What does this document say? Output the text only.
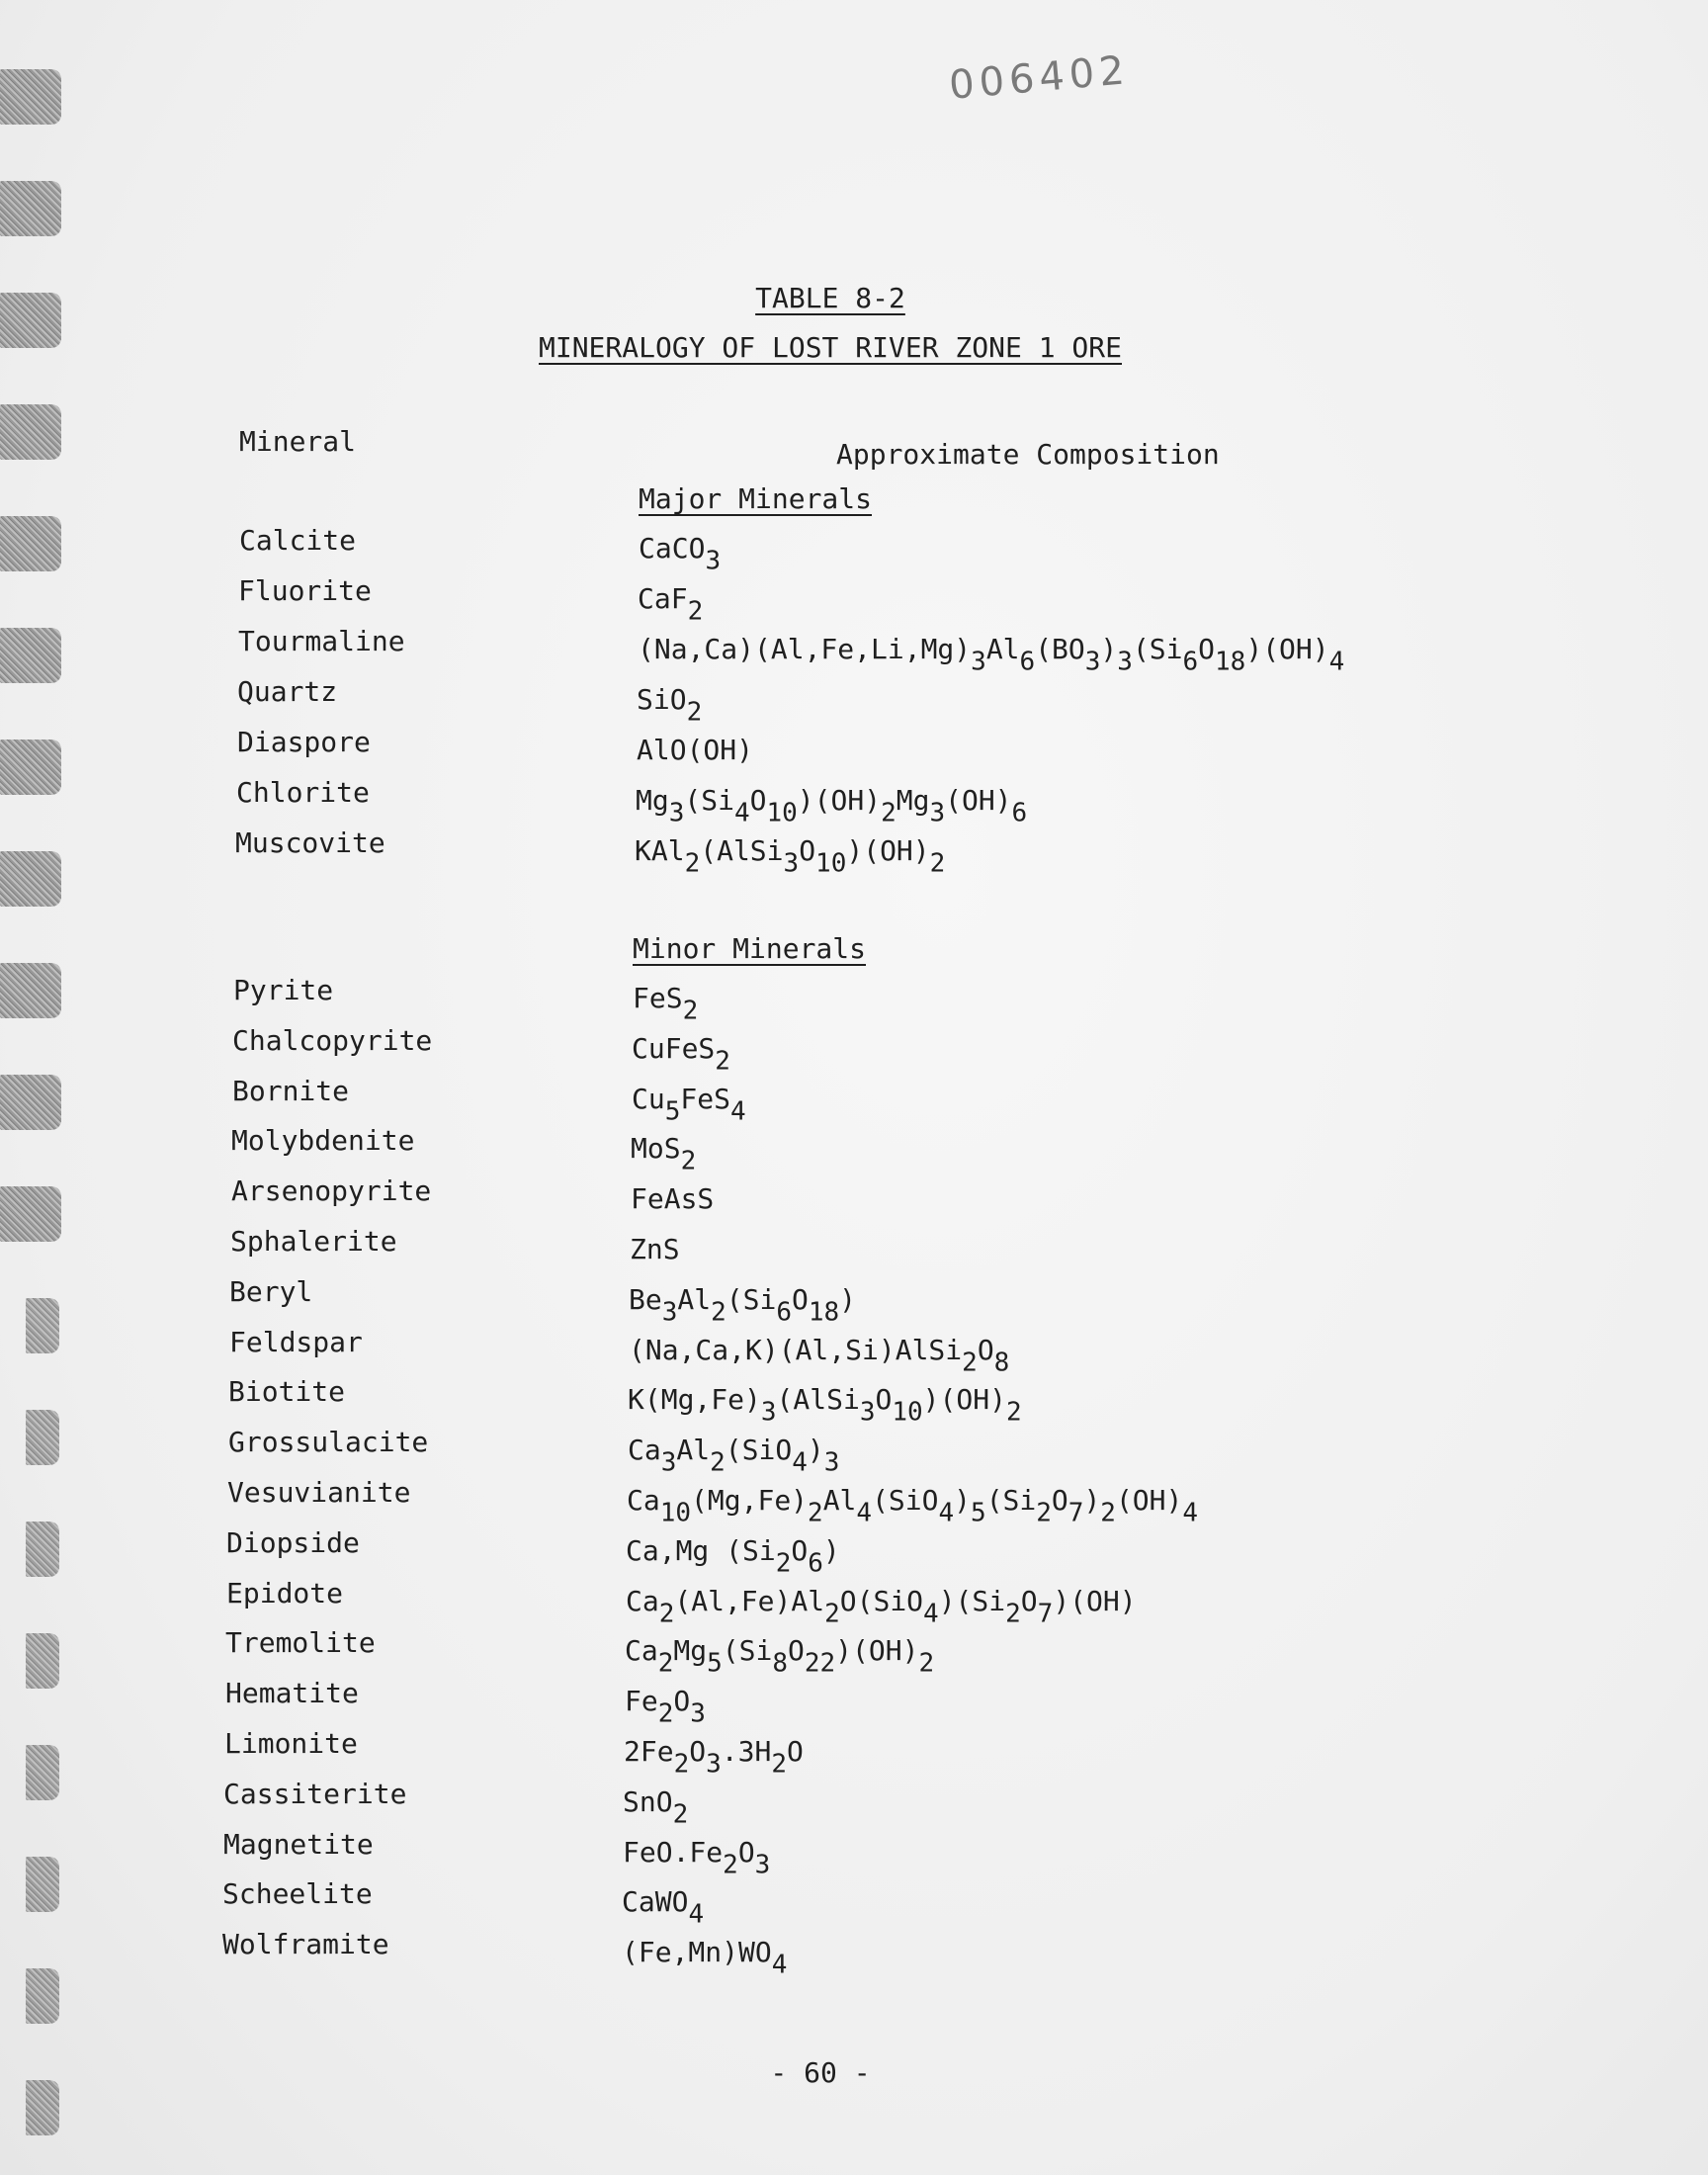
006402
TABLE 8-2
MINERALOGY OF LOST RIVER ZONE 1 ORE
Mineral	Approximate Composition
Major Minerals
Calcite	CaCO$_3$
Fluorite	CaF$_2$
Tourmaline	$(Na,Ca)(Al,Fe,Li,Mg)_3Al_6(BO_3)_3(Si_6O_{18})(OH)_4$
Quartz	SiO$_2$
Diaspore	AlO(OH)
Chlorite	$Mg_3(Si_4O_{10})(OH)_2Mg_3(OH)_6$
Muscovite	$KAl_2(AlSi_3O_{10})(OH)_2$
Minor Minerals
Pyrite	FeS$_2$
Chalcopyrite	CuFeS$_2$
Bornite	$Cu_5FeS_4$
Molybdenite	MoS$_2$
Arsenopyrite	FeAsS
Sphalerite	ZnS
Beryl	$Be_3Al_2(Si_6O_{18})$
Feldspar	$(Na,Ca,K)(Al,Si)AlSi_2O_8$
Biotite	$K(Mg,Fe)_3(AlSi_3O_{10})(OH)_2$
Grossulacite	$Ca_3Al_2(SiO_4)_3$
Vesuvianite	$Ca_{10}(Mg,Fe)_2Al_4(SiO_4)_5(Si_2O_7)_2(OH)_4$
Diopside	Ca,Mg $(Si_2O_6)$
Epidote	$Ca_2(Al,Fe)Al_2O(SiO_4)(Si_2O_7)(OH)$
Tremolite	$Ca_2Mg_5(Si_8O_{22})(OH)_2$
Hematite	$Fe_2O_3$
Limonite	$2Fe_2O_3.3H_2O$
Cassiterite	SnO$_2$
Magnetite	$FeO.Fe_2O_3$
Scheelite	CaWO$_4$
Wolframite	$(Fe,Mn)WO_4$
- 60 -
